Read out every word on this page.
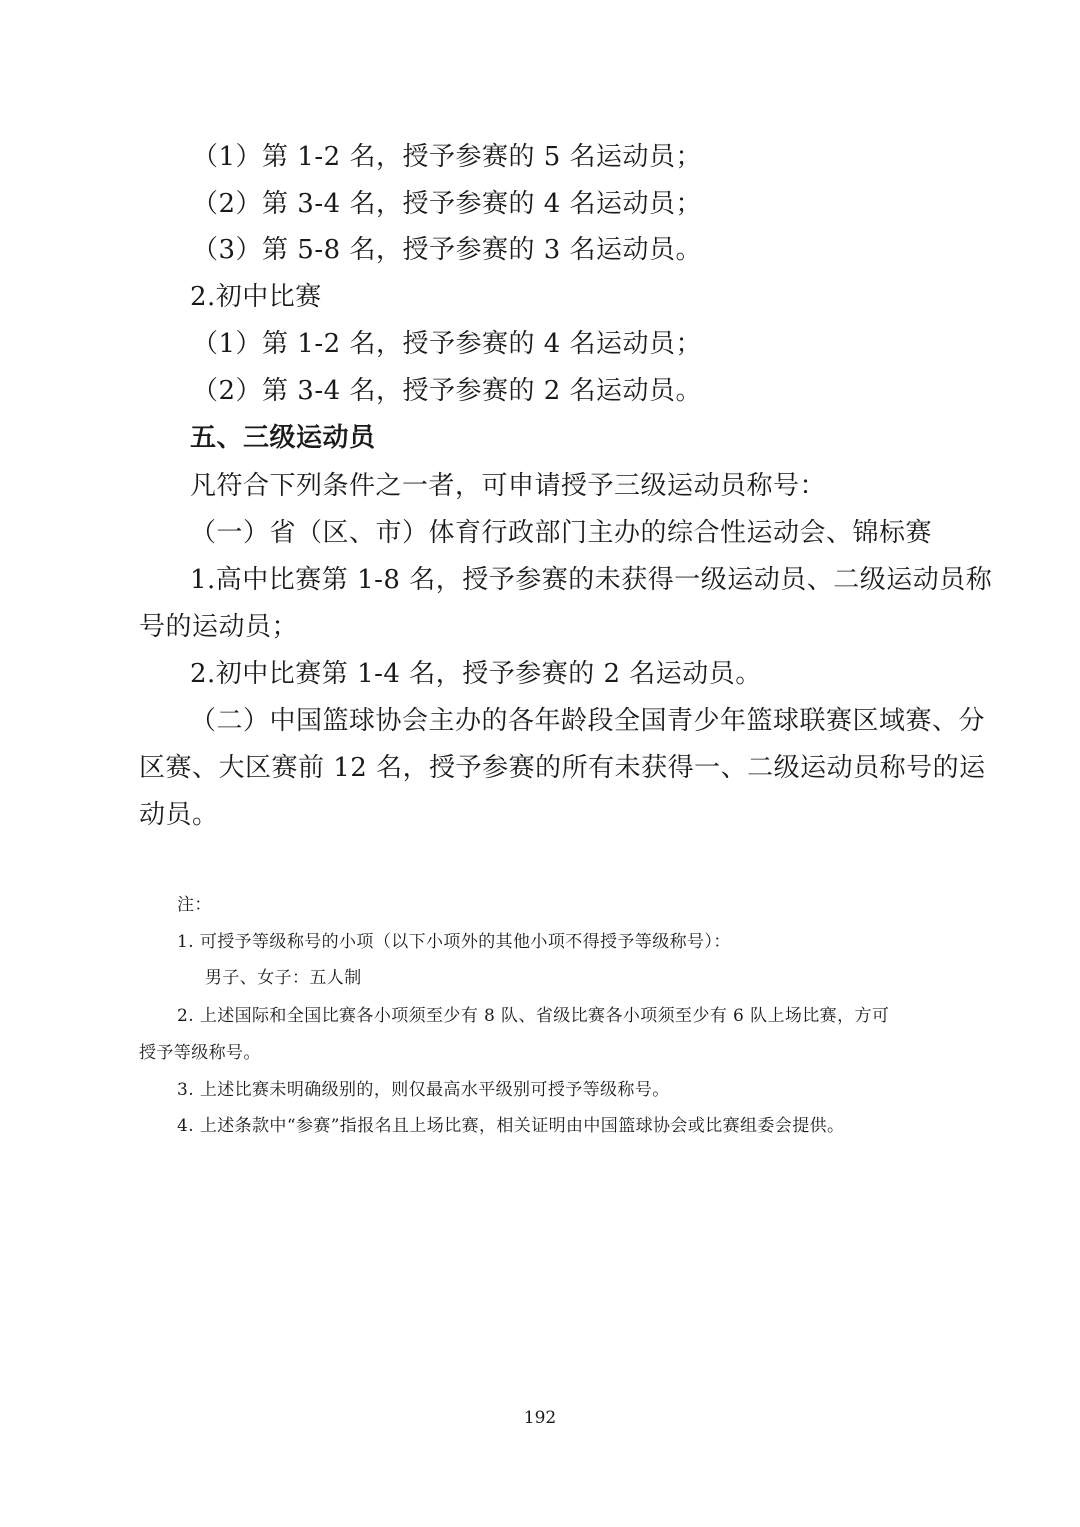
（1）第 1-2 名，授予参赛的 5 名运动员；
（2）第 3-4 名，授予参赛的 4 名运动员；
（3）第 5-8 名，授予参赛的 3 名运动员。
2.初中比赛
（1）第 1-2 名，授予参赛的 4 名运动员；
（2）第 3-4 名，授予参赛的 2 名运动员。
五、三级运动员
凡符合下列条件之一者，可申请授予三级运动员称号：
（一）省（区、市）体育行政部门主办的综合性运动会、锦标赛
1.高中比赛第 1-8 名，授予参赛的未获得一级运动员、二级运动员称
号的运动员；
2.初中比赛第 1-4 名，授予参赛的 2 名运动员。
（二）中国篮球协会主办的各年龄段全国青少年篮球联赛区域赛、分
区赛、大区赛前 12 名，授予参赛的所有未获得一、二级运动员称号的运
动员。
注：
1. 可授予等级称号的小项（以下小项外的其他小项不得授予等级称号）：
男子、女子：五人制
2. 上述国际和全国比赛各小项须至少有 8 队、省级比赛各小项须至少有 6 队上场比赛，方可
授予等级称号。
3. 上述比赛未明确级别的，则仅最高水平级别可授予等级称号。
4. 上述条款中“参赛”指报名且上场比赛，相关证明由中国篮球协会或比赛组委会提供。
192
